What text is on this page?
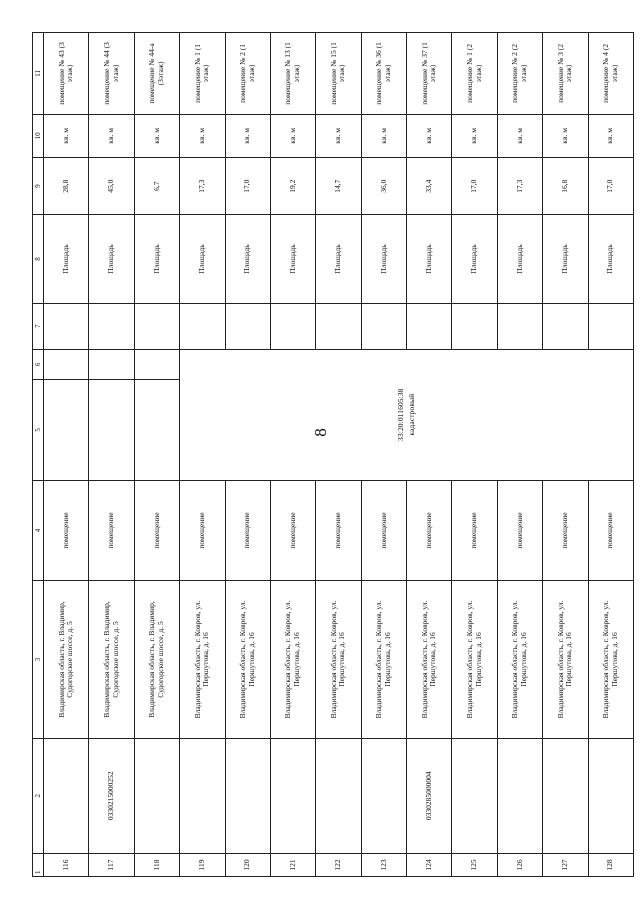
8
1	2	3	4	5	6	7	8	9	10	11
116		Владимирская область, г. Владимир, Судогодское шоссе, д. 5	помещение				Площадь	28,8	кв. м	помещение № 43 (3 этаж)
117	0330215000252	Владимирская область, г. Владимир, Судогодское шоссе, д. 5	помещение				Площадь	45,0	кв. м	помещение № 44 (3 этаж)
118		Владимирская область, г. Владимир, Судогодское шоссе, д. 5	помещение				Площадь	6,7	кв. м	помещение № 44-а (3этаж)
119		Владимирская область, г. Ковров, ул. Першутова, д. 16	помещение	33:20:011605:38 кадастровый			Площадь	17,3	кв. м	помещение № 1 (1 этаж)
120		Владимирская область, г. Ковров, ул. Першутова, д. 16	помещение				Площадь	17,0	кв. м	помещение № 2 (1 этаж)
121		Владимирская область, г. Ковров, ул. Першутова, д. 16	помещение				Площадь	19,2	кв. м	помещение № 13 (1 этаж)
122		Владимирская область, г. Ковров, ул. Першутова, д. 16	помещение				Площадь	14,7	кв. м	помещение № 15 (1 этаж)
123		Владимирская область, г. Ковров, ул. Першутова, д. 16	помещение				Площадь	36,0	кв. м	помещение № 36 (1 этаж)
124	0330285000004	Владимирская область, г. Ковров, ул. Першутова, д. 16	помещение				Площадь	33,4	кв. м	помещение № 37 (1 этаж)
125		Владимирская область, г. Ковров, ул. Першутова, д. 16	помещение				Площадь	17,0	кв. м	помещение № 1 (2 этаж)
126		Владимирская область, г. Ковров, ул. Першутова, д. 16	помещение				Площадь	17,3	кв. м	помещение № 2 (2 этаж)
127		Владимирская область, г. Ковров, ул. Першутова, д. 16	помещение				Площадь	16,8	кв. м	помещение № 3 (2 этаж)
128		Владимирская область, г. Ковров, ул. Першутова, д. 16	помещение				Площадь	17,0	кв. м	помещение № 4 (2 этаж)
